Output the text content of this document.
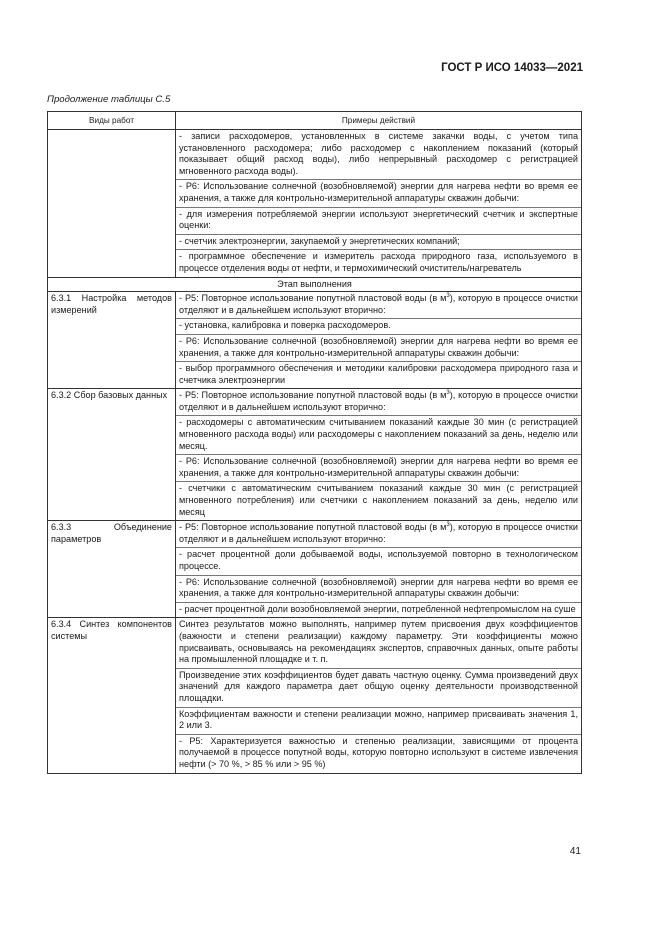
ГОСТ Р ИСО 14033—2021
Продолжение таблицы С.5
Виды работ	Примеры действий

	- записи расходомеров, установленных в системе закачки воды, с учетом типа установленного расходомера; либо расходомер с накоплением показаний (который показывает общий расход воды), либо непрерывный расходомер с регистрацией мгновенного расхода воды).

- Р6: Использование солнечной (возобновляемой) энергии для нагрева нефти во время ее хранения, а также для контрольно-измерительной аппаратуры скважин добычи:

- для измерения потребляемой энергии используют энергетический счетчик и экспертные оценки:

- счетчик электроэнергии, закупаемой у энергетических компаний;

- программное обеспечение и измеритель расхода природного газа, используемого в процессе отделения воды от нефти, и термохимический очиститель/нагреватель

Этап выполнения	
6.3.1 Настройка методов измерений	- Р5: Повторное использование попутной пластовой воды (в $м^3$), которую в процессе очистки отделяют и в дальнейшем используют вторично:

- установка, калибровка и поверка расходомеров.

- Р6: Использование солнечной (возобновляемой) энергии для нагрева нефти во время ее хранения, а также для контрольно-измерительной аппаратуры скважин добычи:

- выбор программного обеспечения и методики калибровки расходомера природного газа и счетчика электроэнергии

6.3.2 Сбор базовых данных	- Р5: Повторное использование попутной пластовой воды (в $м^3$), которую в процессе очистки отделяют и в дальнейшем используют вторично:

- расходомеры с автоматическим считыванием показаний каждые 30 мин (с регистрацией мгновенного расхода воды) или расходомеры с накоплением показаний за день, неделю или месяц.

- Р6: Использование солнечной (возобновляемой) энергии для нагрева нефти во время ее хранения, а также для контрольно-измерительной аппаратуры скважин добычи:

- счетчики с автоматическим считыванием показаний каждые 30 мин (с регистрацией мгновенного потребления) или счетчики с накоплением показаний за день, неделю или месяц

6.3.3 Объединение параметров	- Р5: Повторное использование попутной пластовой воды (в $м^3$), которую в процессе очистки отделяют и в дальнейшем используют вторично:

- расчет процентной доли добываемой воды, используемой повторно в технологическом процессе.

- Р6: Использование солнечной (возобновляемой) энергии для нагрева нефти во время ее хранения, а также для контрольно-измерительной аппаратуры скважин добычи:

- расчет процентной доли возобновляемой энергии, потребленной нефтепромыслом на суше

6.3.4 Синтез компонентов системы	Синтез результатов можно выполнять, например путем присвоения двух коэффициентов (важности и степени реализации) каждому параметру. Эти коэффициенты можно присваивать, основываясь на рекомендациях экспертов, справочных данных, опыте работы на промышленной площадке и т. п.

Произведение этих коэффициентов будет давать частную оценку. Сумма произведений двух значений для каждого параметра дает общую оценку деятельности производственной площадки.

Коэффициентам важности и степени реализации можно, например присваивать значения 1, 2 или 3.

- Р5: Характеризуется важностью и степенью реализации, зависящими от процента получаемой в процессе попутной воды, которую повторно используют в системе извлечения нефти (> 70 %, > 85 % или > 95 %)

41
